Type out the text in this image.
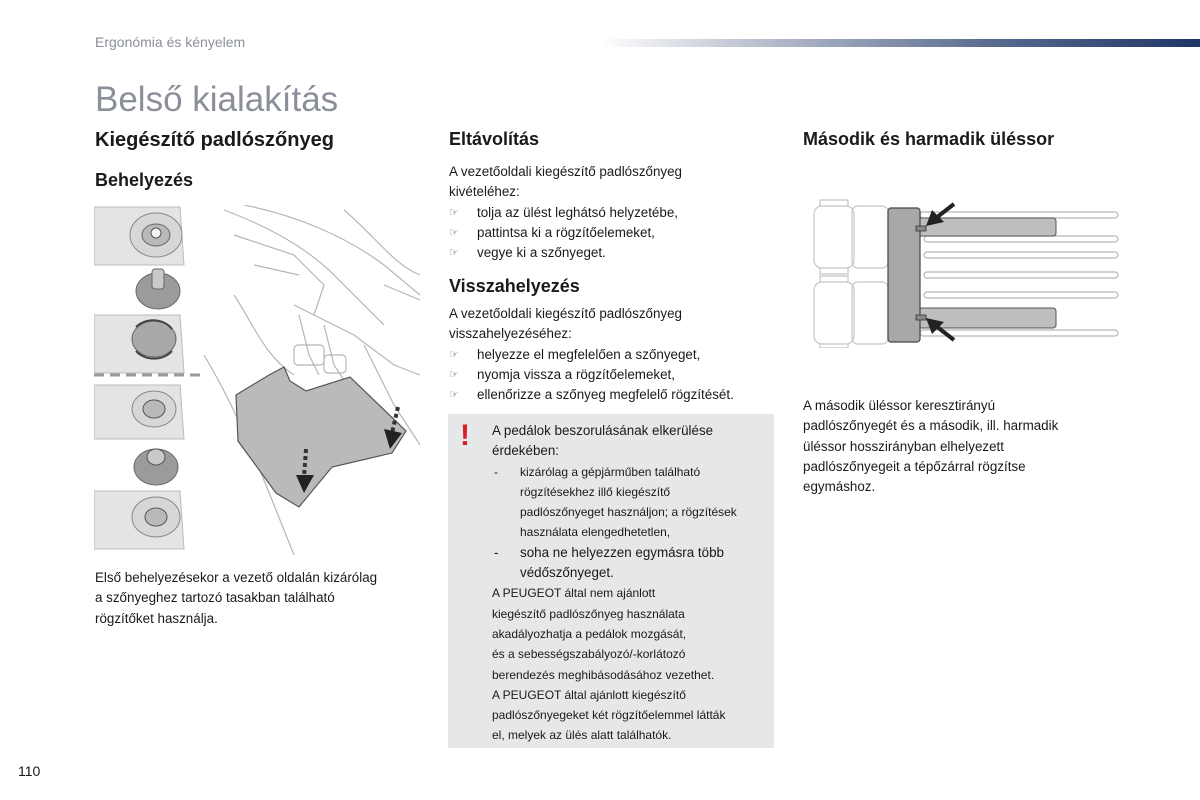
Ergonómia és kényelem
Belső kialakítás
Kiegészítő padlószőnyeg
Behelyezés
Első behelyezésekor a vezető oldalán kizárólag
a szőnyeghez tartozó tasakban található
rögzítőket használja.
Eltávolítás
A vezetőoldali kiegészítő padlószőnyeg
kivételéhez:
☞ tolja az ülést leghátsó helyzetébe,
☞ pattintsa ki a rögzítőelemeket,
☞ vegye ki a szőnyeget.
Visszahelyezés
A vezetőoldali kiegészítő padlószőnyeg
visszahelyezéséhez:
☞ helyezze el megfelelően a szőnyeget,
☞ nyomja vissza a rögzítőelemeket,
☞ ellenőrizze a szőnyeg megfelelő rögzítését.
! A pedálok beszorulásának elkerülése
érdekében:
- kizárólag a gépjárműben található
rögzítésekhez illő kiegészítő
padlószőnyeget használjon; a rögzítések
használata elengedhetetlen,
- soha ne helyezzen egymásra több
védőszőnyeget.
A PEUGEOT által nem ajánlott
kiegészítő padlószőnyeg használata
akadályozhatja a pedálok mozgását,
és a sebességszabályozó/-korlátozó
berendezés meghibásodásához vezethet.
A PEUGEOT által ajánlott kiegészítő
padlószőnyegeket két rögzítőelemmel látták
el, melyek az ülés alatt találhatók.
Második és harmadik üléssor
A második üléssor keresztirányú
padlószőnyegét és a második, ill. harmadik
üléssor hosszirányban elhelyezett
padlószőnyegeit a tépőzárral rögzítse
egymáshoz.
110
